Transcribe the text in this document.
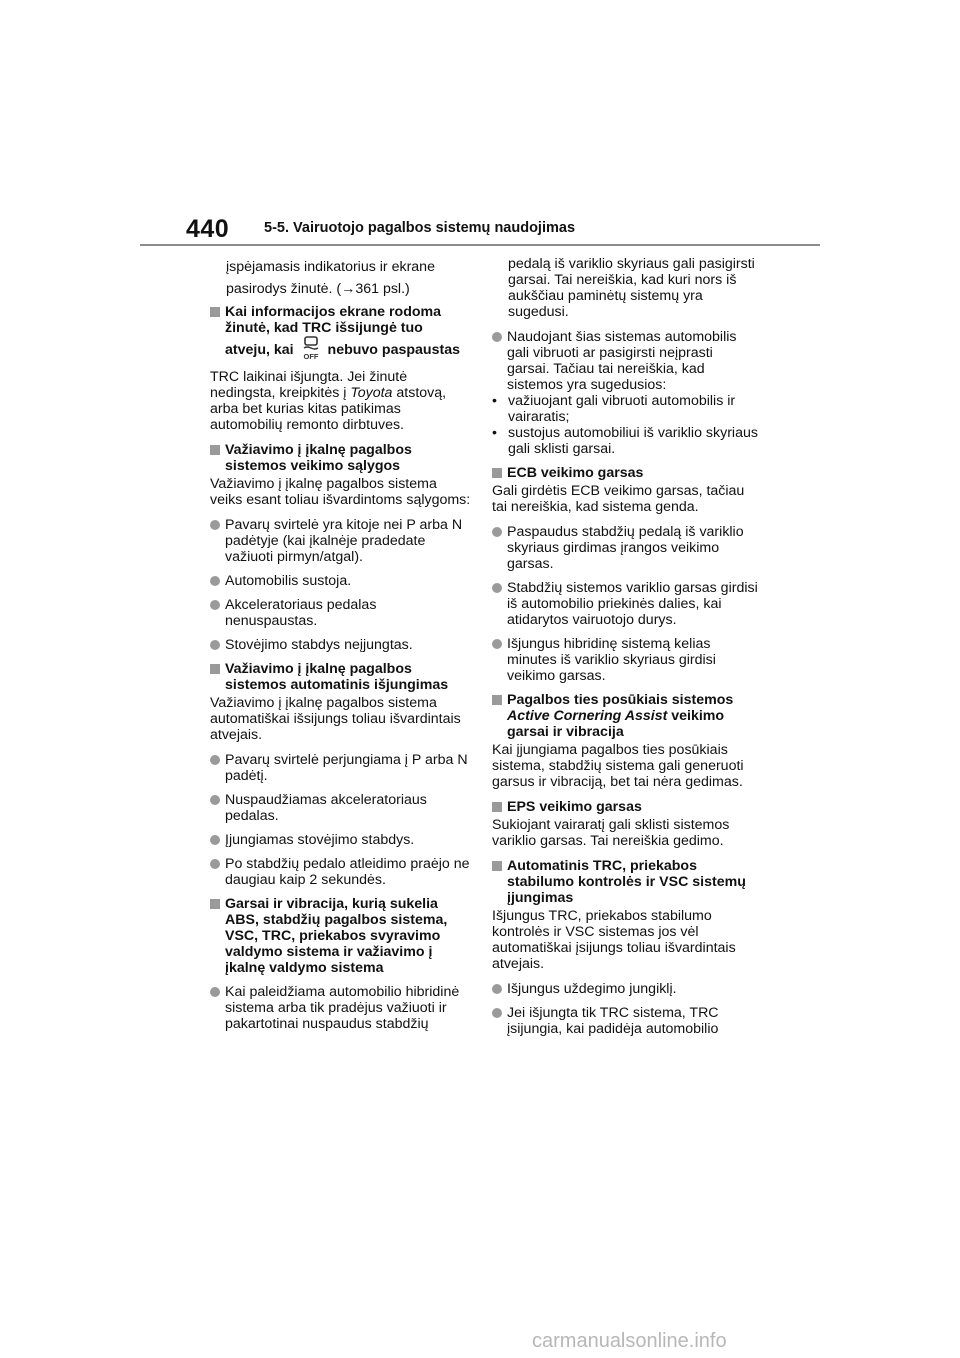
440 5-5. Vairuotojo pagalbos sistemų naudojimas
įspėjamasis indikatorius ir ekrane
pasirodys žinutė. (→361 psl.)
Kai informacijos ekrane rodoma žinutė, kad TRC išsijungė tuo
atveju, kai OFF nebuvo paspaustas

TRC laikinai išjungta. Jei žinutė nedingsta, kreipkitės į Toyota atstovą, arba bet kurias kitas patikimas automobilių remonto dirbtuves.

Važiavimo į įkalnę pagalbos sistemos veikimo sąlygos

Važiavimo į įkalnę pagalbos sistema veiks esant toliau išvardintoms sąlygoms:

Pavarų svirtelė yra kitoje nei P arba N padėtyje (kai įkalnėje pradedate važiuoti pirmyn/atgal).
Automobilis sustoja.
Akceleratoriaus pedalas nenuspaustas.
Stovėjimo stabdys neįjungtas.
Važiavimo į įkalnę pagalbos sistemos automatinis išjungimas

Važiavimo į įkalnę pagalbos sistema automatiškai išsijungs toliau išvardintais atvejais.

Pavarų svirtelė perjungiama į P arba N padėtį.
Nuspaudžiamas akceleratoriaus pedalas.
Įjungiamas stovėjimo stabdys.
Po stabdžių pedalo atleidimo praėjo ne daugiau kaip 2 sekundės.
Garsai ir vibracija, kurią sukelia ABS, stabdžių pagalbos sistema, VSC, TRC, priekabos svyravimo valdymo sistema ir važiavimo į įkalnę valdymo sistema
Kai paleidžiama automobilio hibridinė sistema arba tik pradėjus važiuoti ir pakartotinai nuspaudus stabdžių

pedalą iš variklio skyriaus gali pasigirsti garsai. Tai nereiškia, kad kuri nors iš aukščiau paminėtų sistemų yra sugedusi.

Naudojant šias sistemas automobilis gali vibruoti ar pasigirsti neįprasti garsai. Tačiau tai nereiškia, kad sistemos yra sugedusios:
• važiuojant gali vibruoti automobilis ir vairaratis;
• sustojus automobiliui iš variklio skyriaus gali sklisti garsai.
ECB veikimo garsas

Gali girdėtis ECB veikimo garsas, tačiau tai nereiškia, kad sistema genda.

Paspaudus stabdžių pedalą iš variklio skyriaus girdimas įrangos veikimo garsas.
Stabdžių sistemos variklio garsas girdisi iš automobilio priekinės dalies, kai atidarytos vairuotojo durys.
Išjungus hibridinę sistemą kelias minutes iš variklio skyriaus girdisi veikimo garsas.
Pagalbos ties posūkiais sistemos Active Cornering Assist veikimo garsai ir vibracija

Kai įjungiama pagalbos ties posūkiais sistema, stabdžių sistema gali generuoti garsus ir vibraciją, bet tai nėra gedimas.

EPS veikimo garsas

Sukiojant vairaratį gali sklisti sistemos variklio garsas. Tai nereiškia gedimo.

Automatinis TRC, priekabos stabilumo kontrolės ir VSC sistemų įjungimas

Išjungus TRC, priekabos stabilumo kontrolės ir VSC sistemas jos vėl automatiškai įsijungs toliau išvardintais atvejais.

Išjungus uždegimo jungiklį.
Jei išjungta tik TRC sistema, TRC įsijungia, kai padidėja automobilio
carmanualsonline.info
